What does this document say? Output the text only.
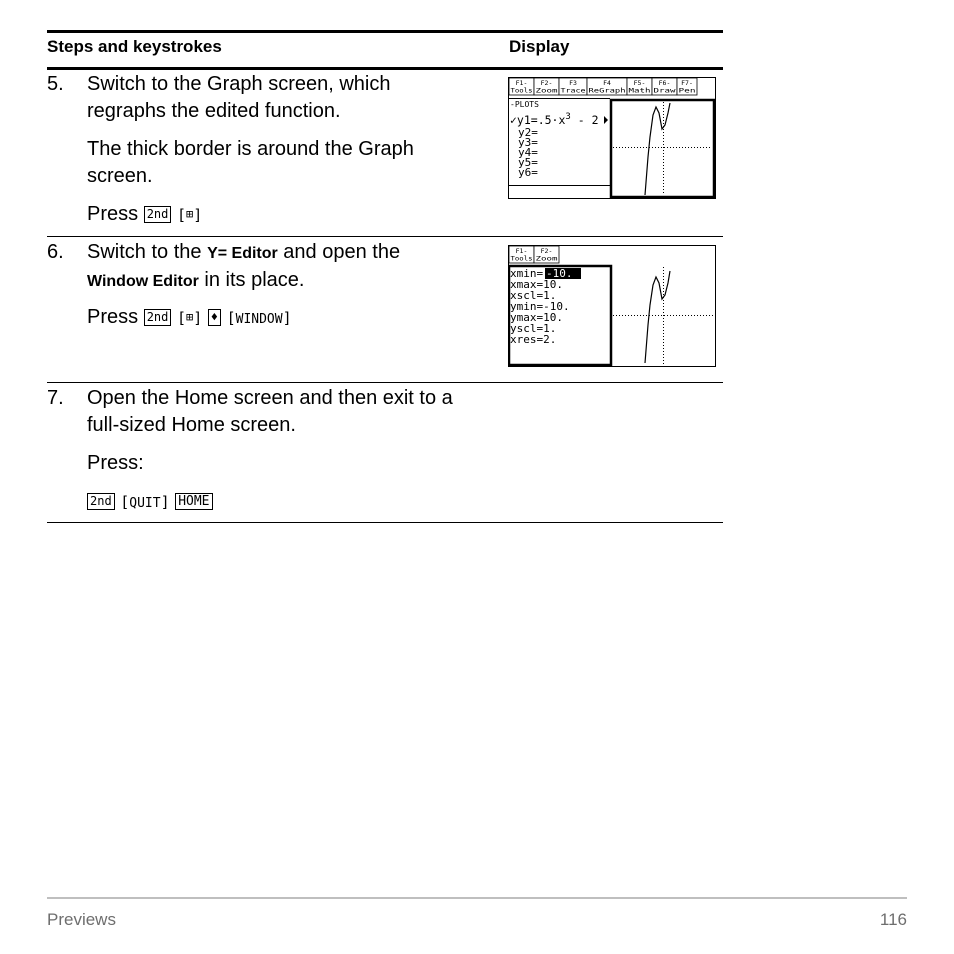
Steps and keystrokes	Display
5. Switch to the Graph screen, which
regraphs the edited function.
The thick border is around the Graph
screen.
Press 2nd [⊞]
F1-
Tools
F2-
Zoom
F3
Trace
F4
ReGraph
F5-
Math
F6-
Draw
F7-
Pen
-PLOTS
$✓y1=.5\cdot x^3 - 2$
y2=
y3=
y4=
y5=
y6=
6. Switch to the Y= Editor and open the
Window Editor in its place.
Press 2nd [⊞] ♦ [WINDOW]
F1-
Tools
F2-
Zoom
xmin= -10.
xmax=10.
xscl=1.
ymin=-10.
ymax=10.
yscl=1.
xres=2.
7. Open the Home screen and then exit to a
full-sized Home screen.
Press:
2nd [QUIT] HOME
Previews	116
